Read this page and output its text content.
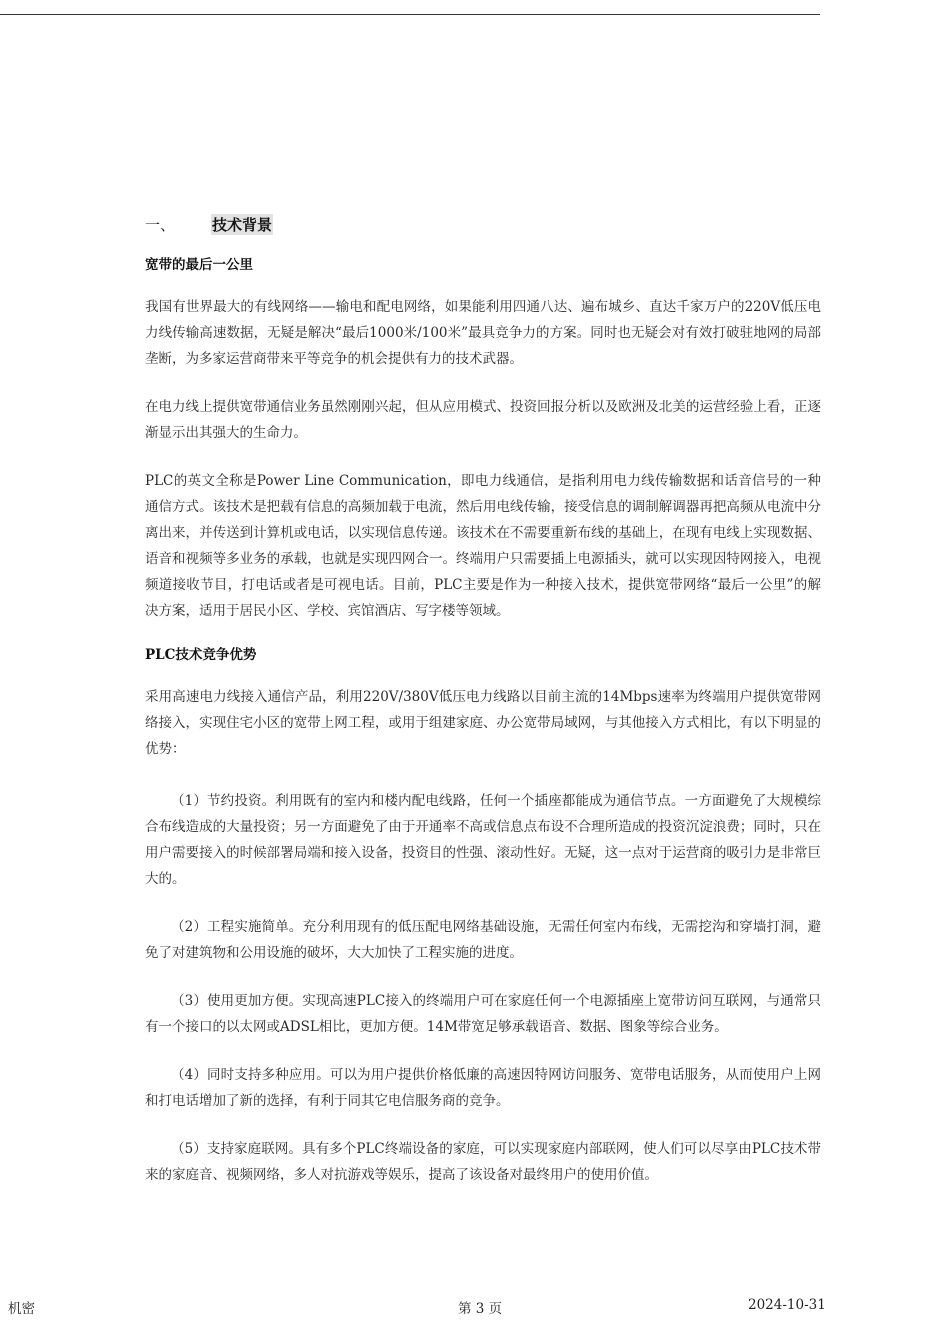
一、	技术背景
宽带的最后一公里

我国有世界最大的有线网络——输电和配电网络，如果能利用四通八达、遍布城乡、直达千家万户的220V低压电力线传输高速数据，无疑是解决“最后1000米/100米”最具竞争力的方案。同时也无疑会对有效打破驻地网的局部垄断，为多家运营商带来平等竞争的机会提供有力的技术武器。

在电力线上提供宽带通信业务虽然刚刚兴起，但从应用模式、投资回报分析以及欧洲及北美的运营经验上看，正逐渐显示出其强大的生命力。

PLC的英文全称是Power Line Communication，即电力线通信，是指利用电力线传输数据和话音信号的一种通信方式。该技术是把载有信息的高频加载于电流，然后用电线传输，接受信息的调制解调器再把高频从电流中分离出来，并传送到计算机或电话，以实现信息传递。该技术在不需要重新布线的基础上，在现有电线上实现数据、语音和视频等多业务的承载，也就是实现四网合一。终端用户只需要插上电源插头，就可以实现因特网接入，电视频道接收节目，打电话或者是可视电话。目前，PLC主要是作为一种接入技术，提供宽带网络“最后一公里”的解决方案，适用于居民小区、学校、宾馆酒店、写字楼等领域。

PLC技术竞争优势

采用高速电力线接入通信产品，利用220V/380V低压电力线路以目前主流的14Mbps速率为终端用户提供宽带网络接入，实现住宅小区的宽带上网工程，或用于组建家庭、办公宽带局域网，与其他接入方式相比，有以下明显的优势：

（1）节约投资。利用既有的室内和楼内配电线路，任何一个插座都能成为通信节点。一方面避免了大规模综合布线造成的大量投资；另一方面避免了由于开通率不高或信息点布设不合理所造成的投资沉淀浪费；同时，只在用户需要接入的时候部署局端和接入设备，投资目的性强、滚动性好。无疑，这一点对于运营商的吸引力是非常巨大的。

（2）工程实施简单。充分利用现有的低压配电网络基础设施，无需任何室内布线，无需挖沟和穿墙打洞，避免了对建筑物和公用设施的破坏，大大加快了工程实施的进度。

（3）使用更加方便。实现高速PLC接入的终端用户可在家庭任何一个电源插座上宽带访问互联网，与通常只有一个接口的以太网或ADSL相比，更加方便。14M带宽足够承载语音、数据、图象等综合业务。

（4）同时支持多种应用。可以为用户提供价格低廉的高速因特网访问服务、宽带电话服务，从而使用户上网和打电话增加了新的选择，有利于同其它电信服务商的竞争。

（5）支持家庭联网。具有多个PLC终端设备的家庭，可以实现家庭内部联网，使人们可以尽享由PLC技术带来的家庭音、视频网络，多人对抗游戏等娱乐，提高了该设备对最终用户的使用价值。

机密	第 3 页	2024-10-31
